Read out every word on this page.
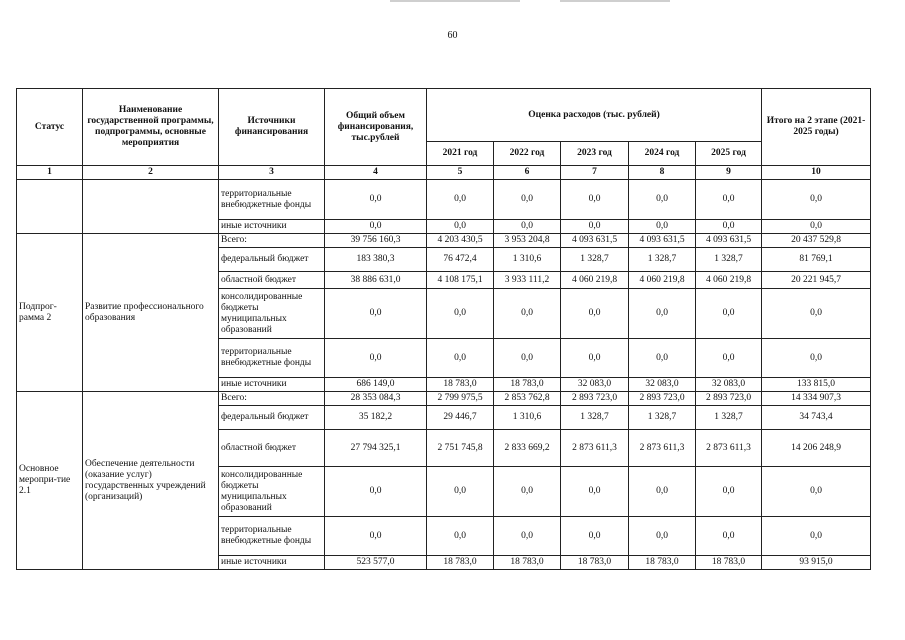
60
Статус	Наименование государственной программы, подпрограммы, основные мероприятия	Источники финансирования	Общий объем финансирования, тыс.рублей	Оценка расходов (тыс. рублей)					Итого на 2 этапе (2021-2025 годы)
				2021 год	2022 год	2023 год	2024 год	2025 год	
1	2	3	4	5	6	7	8	9	10
		территориальные внебюджетные фонды	0,0	0,0	0,0	0,0	0,0	0,0	0,0
		иные источники	0,0	0,0	0,0	0,0	0,0	0,0	0,0
Подпрог-рамма 2	Развитие профессионального образования	Всего:	39 756 160,3	4 203 430,5	3 953 204,8	4 093 631,5	4 093 631,5	4 093 631,5	20 437 529,8
		федеральный бюджет	183 380,3	76 472,4	1 310,6	1 328,7	1 328,7	1 328,7	81 769,1
		областной бюджет	38 886 631,0	4 108 175,1	3 933 111,2	4 060 219,8	4 060 219,8	4 060 219,8	20 221 945,7
		консолидированные бюджеты муниципальных образований	0,0	0,0	0,0	0,0	0,0	0,0	0,0
		территориальные внебюджетные фонды	0,0	0,0	0,0	0,0	0,0	0,0	0,0
		иные источники	686 149,0	18 783,0	18 783,0	32 083,0	32 083,0	32 083,0	133 815,0
Основное меропри-тие 2.1	Обеспечение деятельности (оказание услуг) государственных учреждений (организаций)	Всего:	28 353 084,3	2 799 975,5	2 853 762,8	2 893 723,0	2 893 723,0	2 893 723,0	14 334 907,3
		федеральный бюджет	35 182,2	29 446,7	1 310,6	1 328,7	1 328,7	1 328,7	34 743,4
		областной бюджет	27 794 325,1	2 751 745,8	2 833 669,2	2 873 611,3	2 873 611,3	2 873 611,3	14 206 248,9
		консолидированные бюджеты муниципальных образований	0,0	0,0	0,0	0,0	0,0	0,0	0,0
		территориальные внебюджетные фонды	0,0	0,0	0,0	0,0	0,0	0,0	0,0
		иные источники	523 577,0	18 783,0	18 783,0	18 783,0	18 783,0	18 783,0	93 915,0
